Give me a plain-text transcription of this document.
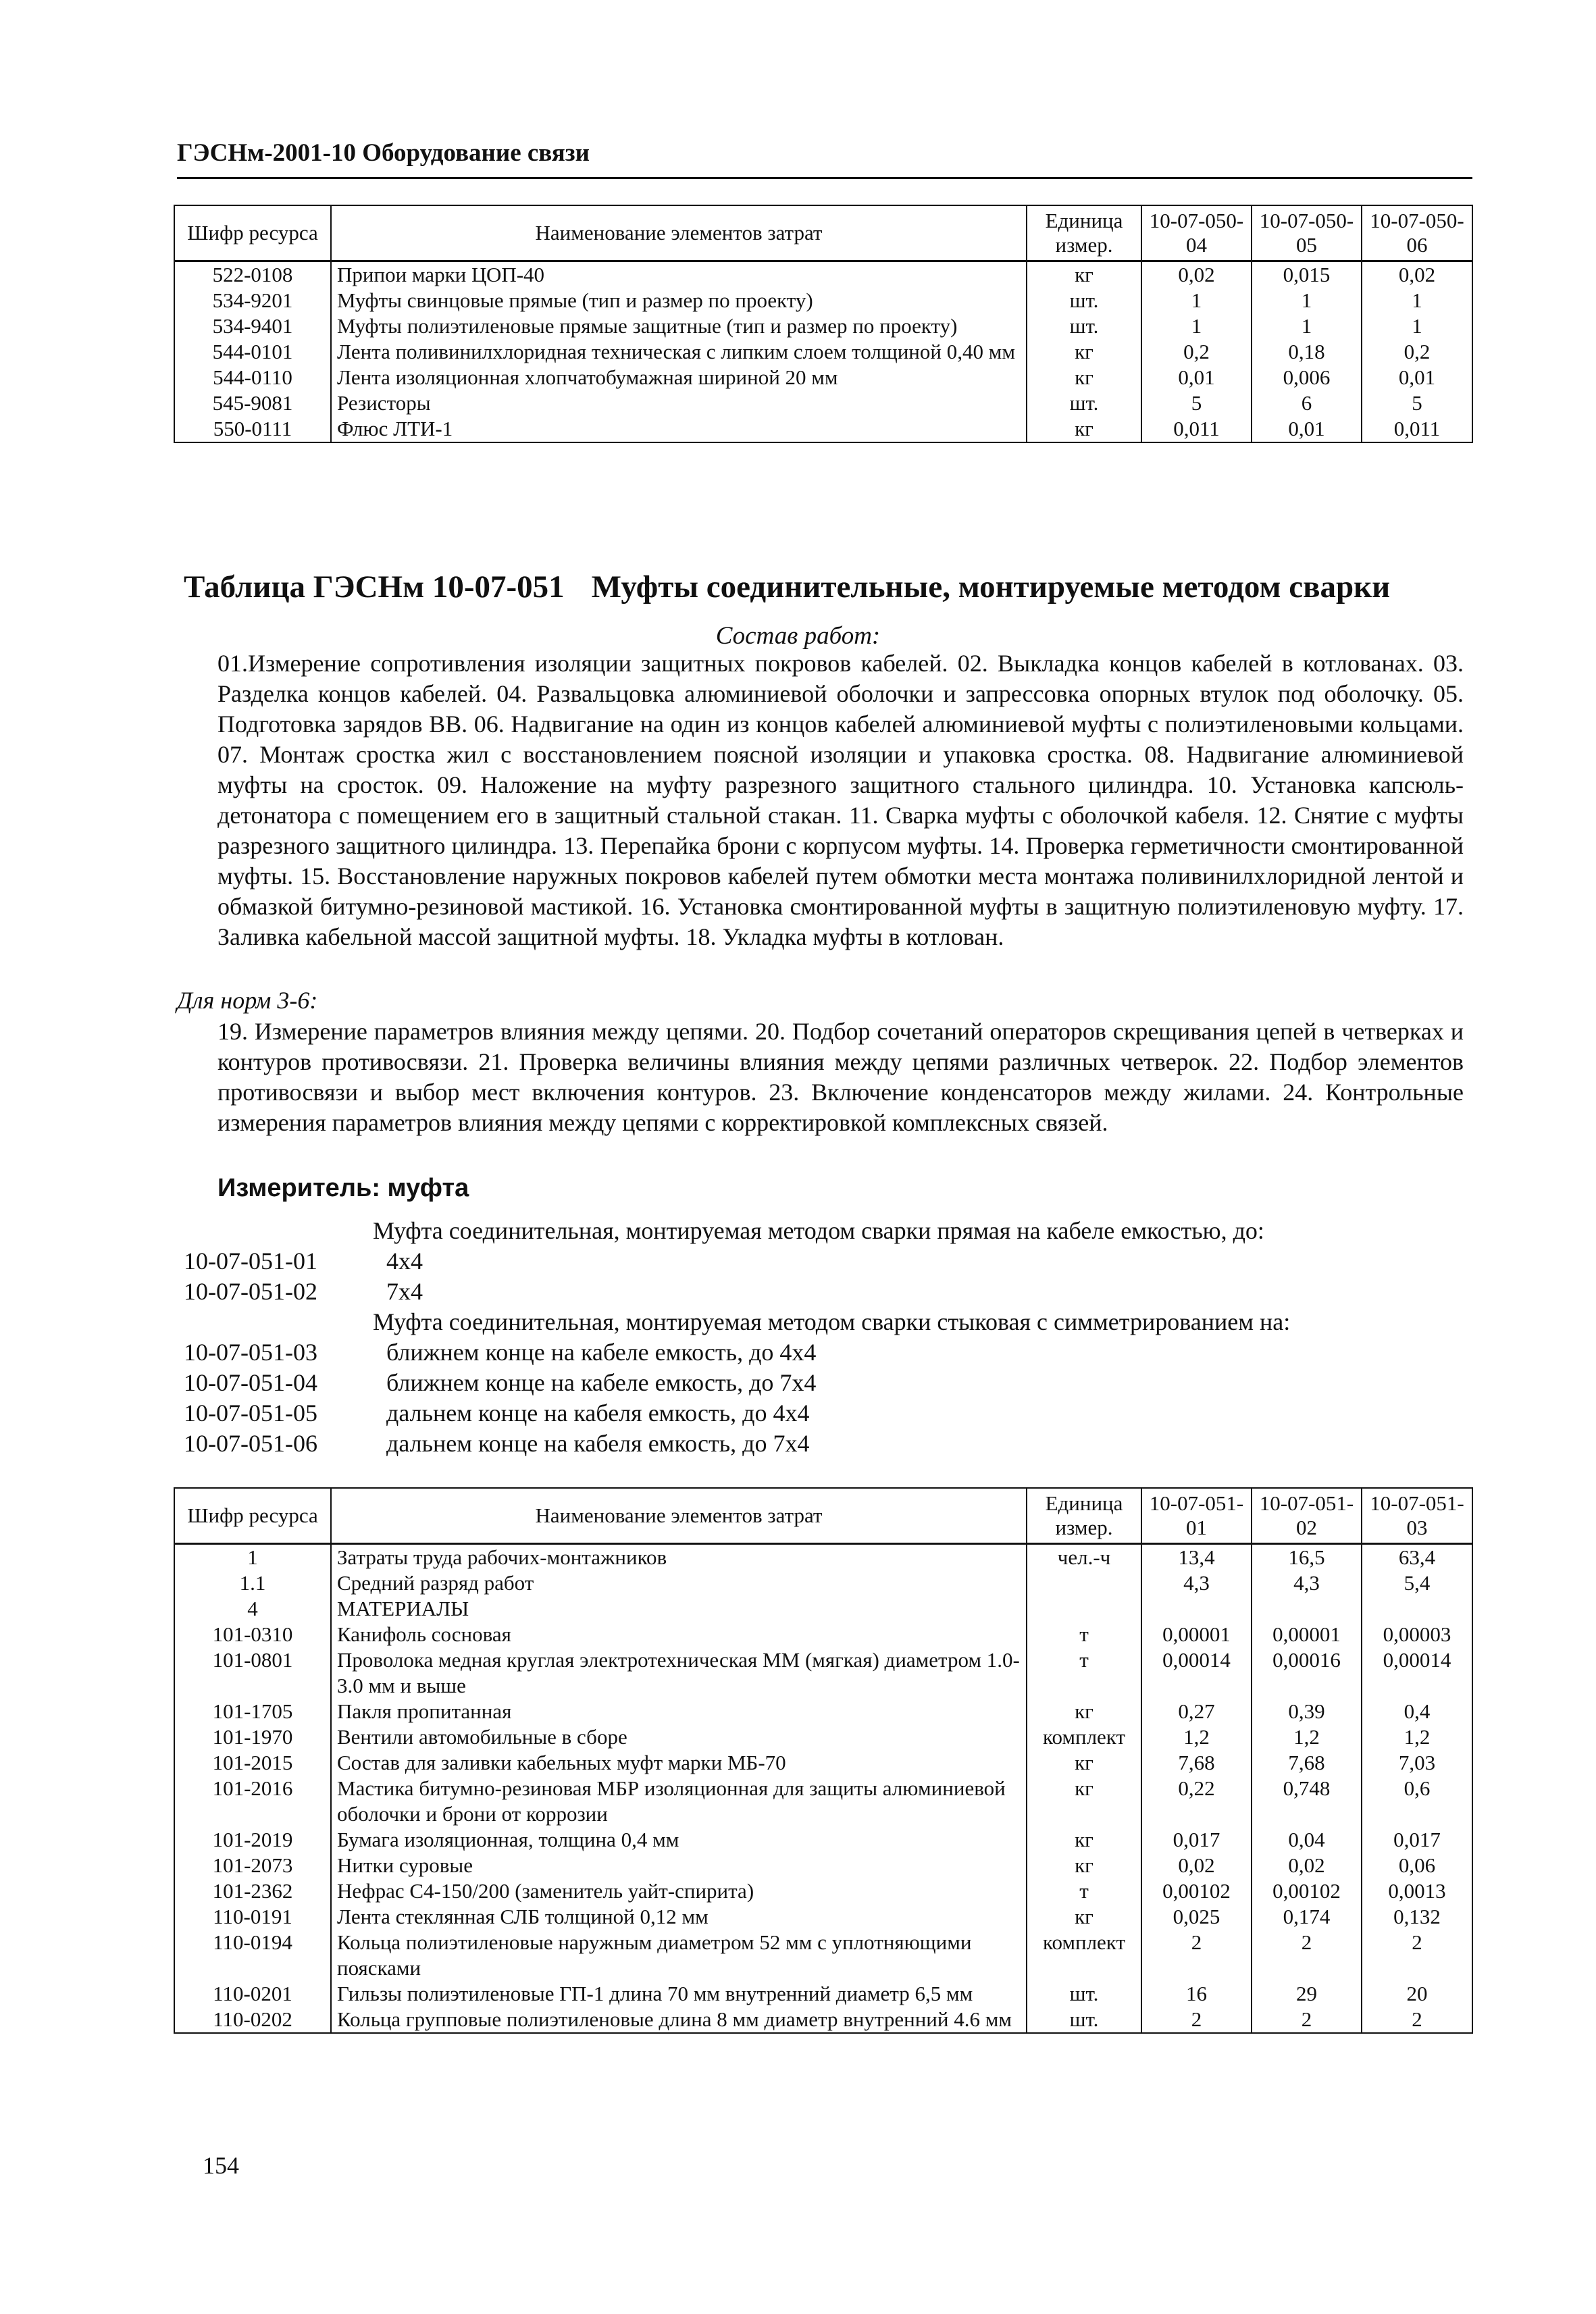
ГЭСНм-2001-10 Оборудование связи
Шифр ресурса	Наименование элементов затрат	Единица измер.	10-07-050-04	10-07-050-05	10-07-050-06
522-0108	Припои марки ЦОП-40	кг	0,02	0,015	0,02
534-9201	Муфты свинцовые прямые (тип и размер по проекту)	шт.	1	1	1
534-9401	Муфты полиэтиленовые прямые защитные (тип и размер по проекту)	шт.	1	1	1
544-0101	Лента поливинилхлоридная техническая с липким слоем толщиной 0,40 мм	кг	0,2	0,18	0,2
544-0110	Лента изоляционная хлопчатобумажная шириной 20 мм	кг	0,01	0,006	0,01
545-9081	Резисторы	шт.	5	6	5
550-0111	Флюс ЛТИ-1	кг	0,011	0,01	0,011
Таблица ГЭСНм 10-07-051 Муфты соединительные, монтируемые методом сварки
Состав работ:

01.Измерение сопротивления изоляции защитных покровов кабелей. 02. Выкладка концов кабелей в котлованах. 03. Разделка концов кабелей. 04. Развальцовка алюминиевой оболочки и запрессовка опорных втулок под оболочку. 05. Подготовка зарядов ВВ. 06. Надвигание на один из концов кабелей алюминиевой муфты с полиэтиленовыми кольцами. 07. Монтаж сростка жил с восстановлением поясной изоляции и упаковка сростка. 08. Надвигание алюминиевой муфты на сросток. 09. Наложение на муфту разрезного защитного стального цилиндра. 10. Установка капсюль-детонатора с помещением его в защитный стальной стакан. 11. Сварка муфты с оболочкой кабеля. 12. Снятие с муфты разрезного защитного цилиндра. 13. Перепайка брони с корпусом муфты. 14. Проверка герметичности смонтированной муфты. 15. Восстановление наружных покровов кабелей путем обмотки места монтажа поливинилхлоридной лентой и обмазкой битумно-резиновой мастикой. 16. Установка смонтированной муфты в защитную полиэтиленовую муфту. 17. Заливка кабельной массой защитной муфты. 18. Укладка муфты в котлован.

Для норм 3-6:

19. Измерение параметров влияния между цепями. 20. Подбор сочетаний операторов скрещивания цепей в четверках и контуров противосвязи. 21. Проверка величины влияния между цепями различных четверок. 22. Подбор элементов противосвязи и выбор мест включения контуров. 23. Включение конденсаторов между жилами. 24. Контрольные измерения параметров влияния между цепями с корректировкой комплексных связей.

Измеритель: муфта
Муфта соединительная, монтируемая методом сварки прямая на кабеле емкостью, до:
10-07-051-01	4х4
10-07-051-02	7х4
Муфта соединительная, монтируемая методом сварки стыковая с симметрированием на:
10-07-051-03	ближнем конце на кабеле емкость, до 4х4
10-07-051-04	ближнем конце на кабеле емкость, до 7х4
10-07-051-05	дальнем конце на кабеля емкость, до 4х4
10-07-051-06	дальнем конце на кабеля емкость, до 7х4
Шифр ресурса	Наименование элементов затрат	Единица измер.	10-07-051-01	10-07-051-02	10-07-051-03
1	Затраты труда рабочих-монтажников	чел.-ч	13,4	16,5	63,4
1.1	Средний разряд работ		4,3	4,3	5,4
4	МАТЕРИАЛЫ				
101-0310	Канифоль сосновая	т	0,00001	0,00001	0,00003
101-0801	Проволока медная круглая электротехническая ММ (мягкая) диаметром 1.0-3.0 мм и выше	т	0,00014	0,00016	0,00014
101-1705	Пакля пропитанная	кг	0,27	0,39	0,4
101-1970	Вентили автомобильные в сборе	комплект	1,2	1,2	1,2
101-2015	Состав для заливки кабельных муфт марки МБ-70	кг	7,68	7,68	7,03
101-2016	Мастика битумно-резиновая МБР изоляционная для защиты алюминиевой оболочки и брони от коррозии	кг	0,22	0,748	0,6
101-2019	Бумага изоляционная, толщина 0,4 мм	кг	0,017	0,04	0,017
101-2073	Нитки суровые	кг	0,02	0,02	0,06
101-2362	Нефрас С4-150/200 (заменитель уайт-спирита)	т	0,00102	0,00102	0,0013
110-0191	Лента стеклянная СЛБ толщиной 0,12 мм	кг	0,025	0,174	0,132
110-0194	Кольца полиэтиленовые наружным диаметром 52 мм с уплотняющими поясками	комплект	2	2	2
110-0201	Гильзы полиэтиленовые ГП-1 длина 70 мм внутренний диаметр 6,5 мм	шт.	16	29	20
110-0202	Кольца групповые полиэтиленовые длина 8 мм диаметр внутренний 4.6 мм	шт.	2	2	2
154
